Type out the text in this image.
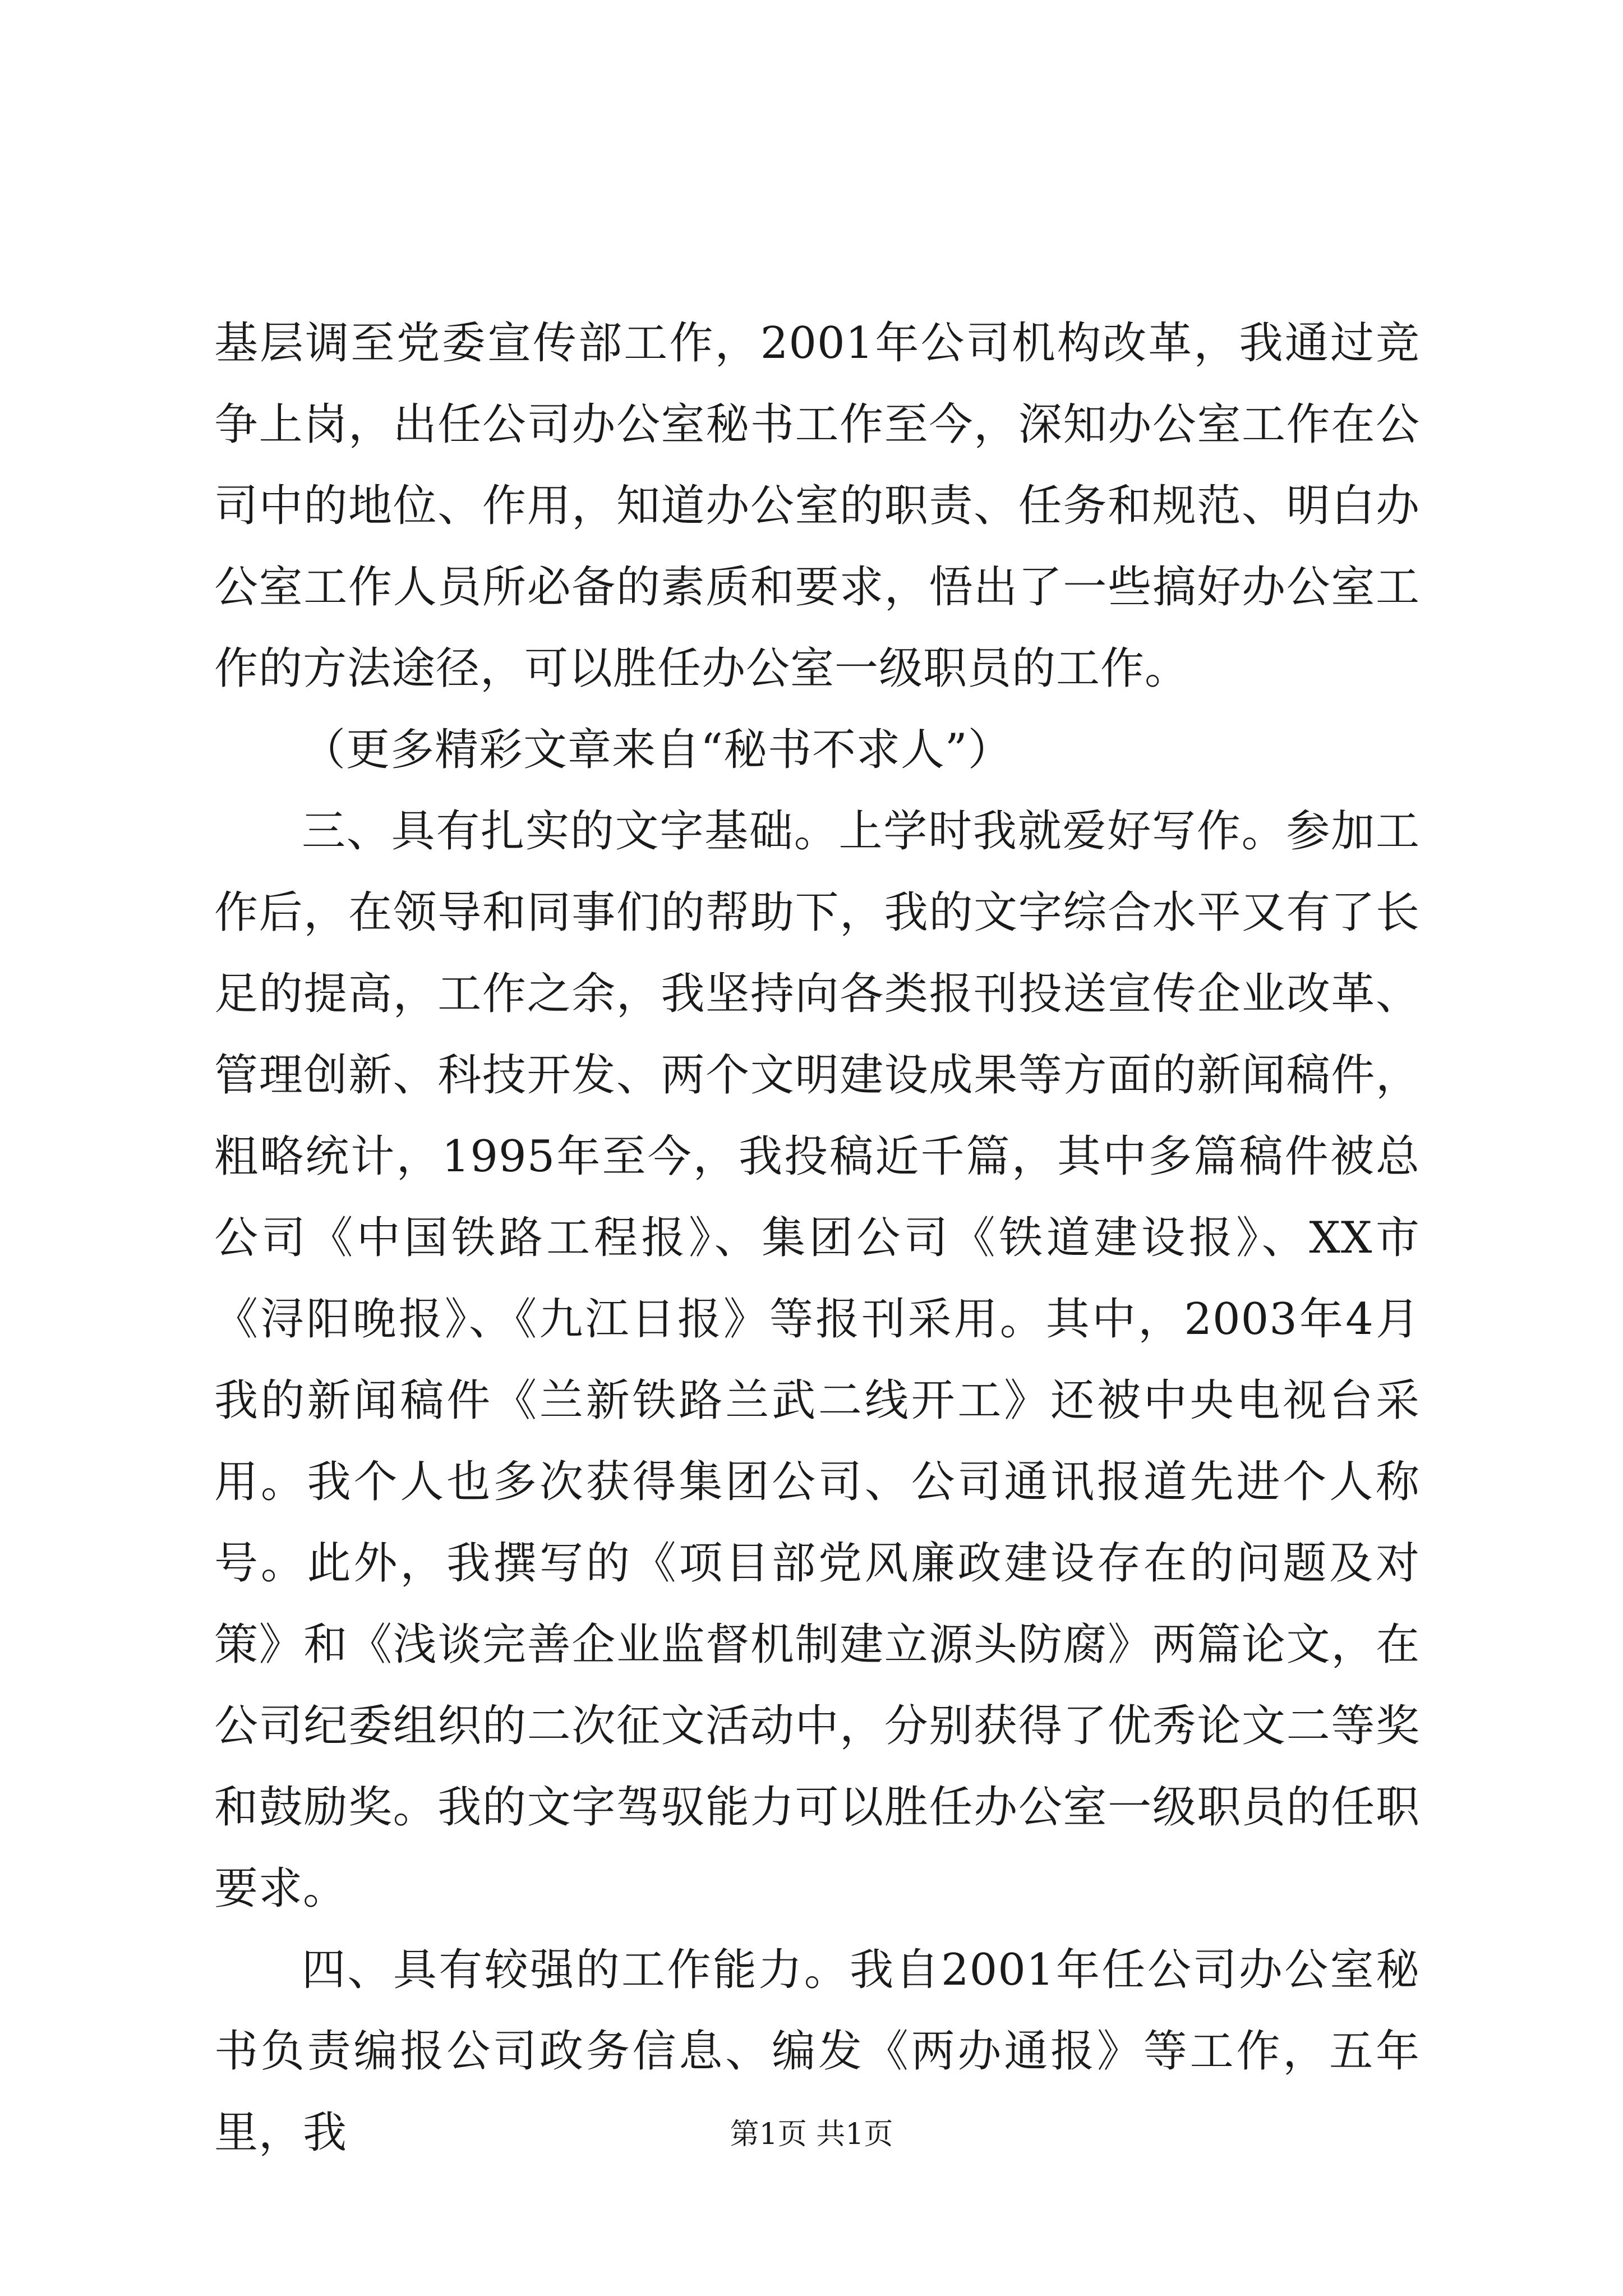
基层调至党委宣传部工作，2001年公司机构改革，我通过竞争上岗，出任公司办公室秘书工作至今，深知办公室工作在公司中的地位、作用，知道办公室的职责、任务和规范、明白办公室工作人员所必备的素质和要求，悟出了一些搞好办公室工作的方法途径，可以胜任办公室一级职员的工作。

（更多精彩文章来自“秘书不求人”）

三、具有扎实的文字基础。上学时我就爱好写作。参加工作后，在领导和同事们的帮助下，我的文字综合水平又有了长足的提高，工作之余，我坚持向各类报刊投送宣传企业改革、管理创新、科技开发、两个文明建设成果等方面的新闻稿件，粗略统计，1995年至今，我投稿近千篇，其中多篇稿件被总公司《中国铁路工程报》、集团公司《铁道建设报》、XX市《浔阳晚报》、《九江日报》等报刊采用。其中，2003年4月我的新闻稿件《兰新铁路兰武二线开工》还被中央电视台采用。我个人也多次获得集团公司、公司通讯报道先进个人称号。此外，我撰写的《项目部党风廉政建设存在的问题及对策》和《浅谈完善企业监督机制建立源头防腐》两篇论文，在公司纪委组织的二次征文活动中，分别获得了优秀论文二等奖和鼓励奖。我的文字驾驭能力可以胜任办公室一级职员的任职要求。

四、具有较强的工作能力。我自2001年任公司办公室秘书负责编报公司政务信息、编发《两办通报》等工作，五年里，我	第1页 共1页
